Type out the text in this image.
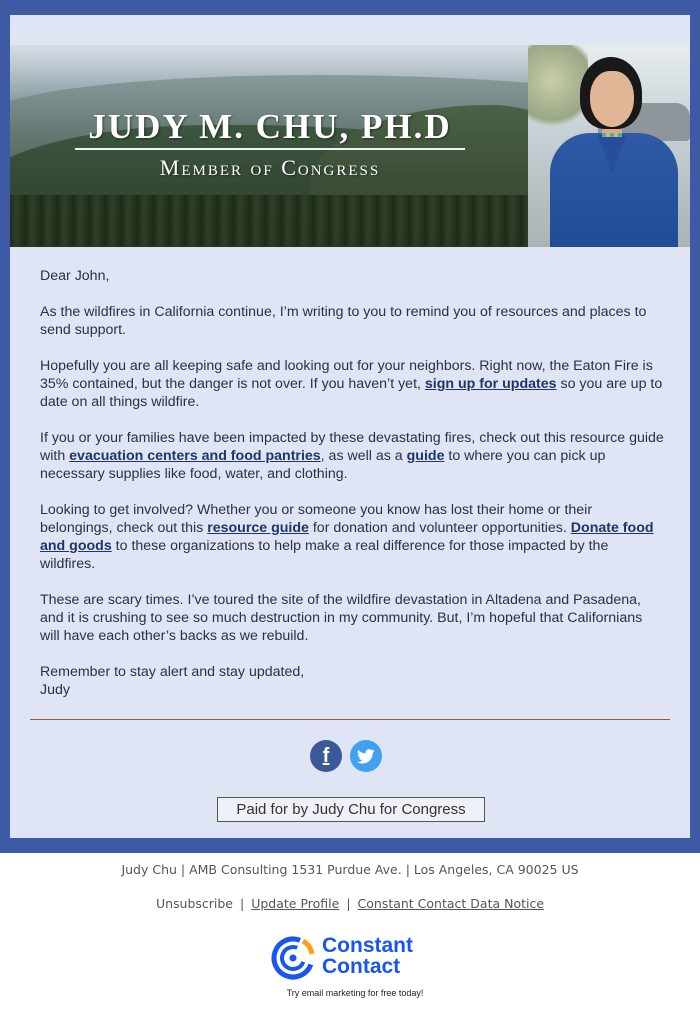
JUDY M. CHU, PH.D
Member of Congress

Dear John,

As the wildfires in California continue, I’m writing to you to remind you of resources and places to send support.

Hopefully you are all keeping safe and looking out for your neighbors. Right now, the Eaton Fire is 35% contained, but the danger is not over. If you haven’t yet, sign up for updates so you are up to date on all things wildfire.

If you or your families have been impacted by these devastating fires, check out this resource guide with evacuation centers and food pantries, as well as a guide to where you can pick up necessary supplies like food, water, and clothing.

Looking to get involved? Whether you or someone you know has lost their home or their belongings, check out this resource guide for donation and volunteer opportunities. Donate food and goods to these organizations to help make a real difference for those impacted by the wildfires.

These are scary times. I’ve toured the site of the wildfire devastation in Altadena and Pasadena, and it is crushing to see so much destruction in my community. But, I’m hopeful that Californians will have each other’s backs as we rebuild.

Remember to stay alert and stay updated,
Judy
f
Paid for by Judy Chu for Congress
Judy Chu | AMB Consulting 1531 Purdue Ave. | Los Angeles, CA 90025 US
Unsubscribe | Update Profile | Constant Contact Data Notice
Constant
Contact
Try email marketing for free today!
